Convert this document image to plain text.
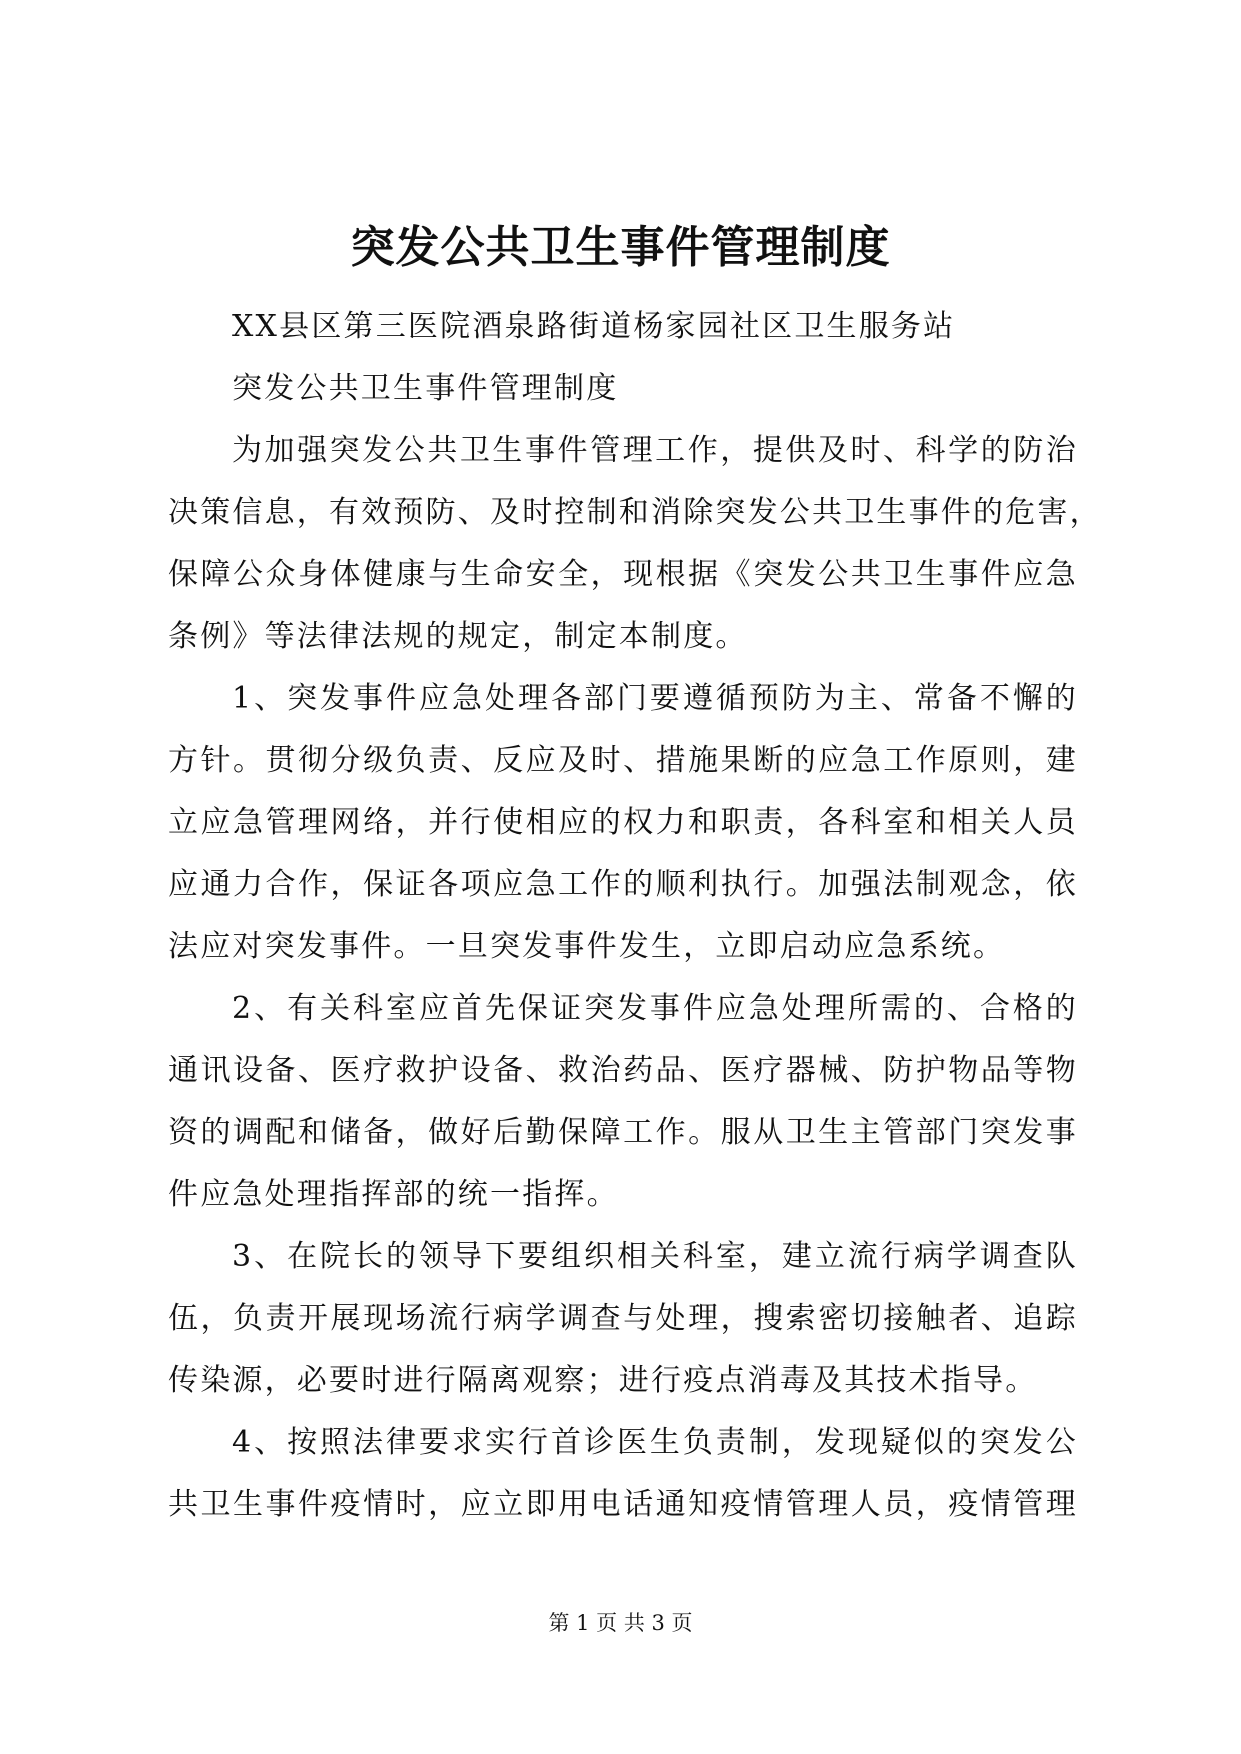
突发公共卫生事件管理制度

XX县区第三医院酒泉路街道杨家园社区卫生服务站

突发公共卫生事件管理制度

为加强突发公共卫生事件管理工作，提供及时、科学的防治

决策信息，有效预防、及时控制和消除突发公共卫生事件的危害，

保障公众身体健康与生命安全，现根据《突发公共卫生事件应急

条例》等法律法规的规定，制定本制度。

1、突发事件应急处理各部门要遵循预防为主、常备不懈的

方针。贯彻分级负责、反应及时、措施果断的应急工作原则，建

立应急管理网络，并行使相应的权力和职责，各科室和相关人员

应通力合作，保证各项应急工作的顺利执行。加强法制观念，依

法应对突发事件。一旦突发事件发生，立即启动应急系统。

2、有关科室应首先保证突发事件应急处理所需的、合格的

通讯设备、医疗救护设备、救治药品、医疗器械、防护物品等物

资的调配和储备，做好后勤保障工作。服从卫生主管部门突发事

件应急处理指挥部的统一指挥。

3、在院长的领导下要组织相关科室，建立流行病学调查队

伍，负责开展现场流行病学调查与处理，搜索密切接触者、追踪

传染源，必要时进行隔离观察；进行疫点消毒及其技术指导。

4、按照法律要求实行首诊医生负责制，发现疑似的突发公

共卫生事件疫情时，应立即用电话通知疫情管理人员，疫情管理

第 1 页 共 3 页
